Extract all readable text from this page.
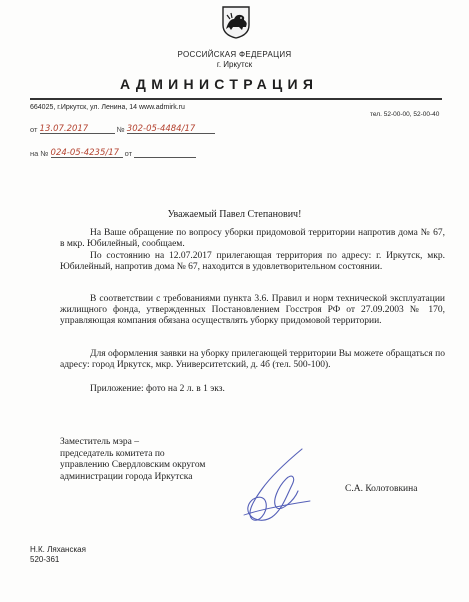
РОССИЙСКАЯ ФЕДЕРАЦИЯ
г. Иркутск
АДМИНИСТРАЦИЯ
664025, г.Иркутск, ул. Ленина, 14 www.admirk.ru
тел. 52-00-00, 52-00-40
от 13.07.2017	№ 302-05-4484/17
на № 024-05-4235/17 от
Уважаемый Павел Степанович!

На Ваше обращение по вопросу уборки придомовой территории напротив дома № 67, в мкр. Юбилейный, сообщаем.

По состоянию на 12.07.2017 прилегающая территория по адресу: г. Иркутск, мкр. Юбилейный, напротив дома № 67, находится в удовлетворительном состоянии.

В соответствии с требованиями пункта 3.6. Правил и норм технической эксплуатации жилищного фонда, утвержденных Постановлением Госстроя РФ от 27.09.2003 № 170, управляющая компания обязана осуществлять уборку придомовой территории.

Для оформления заявки на уборку прилегающей территории Вы можете обращаться по адресу: город Иркутск, мкр. Университетский, д. 4б (тел. 500-100).

Приложение: фото на 2 л. в 1 экз.

Заместитель мэра –
председатель комитета по
управлению Свердловским округом
администрации города Иркутска
С.А. Колотовкина
Н.К. Ляханская
520-361
